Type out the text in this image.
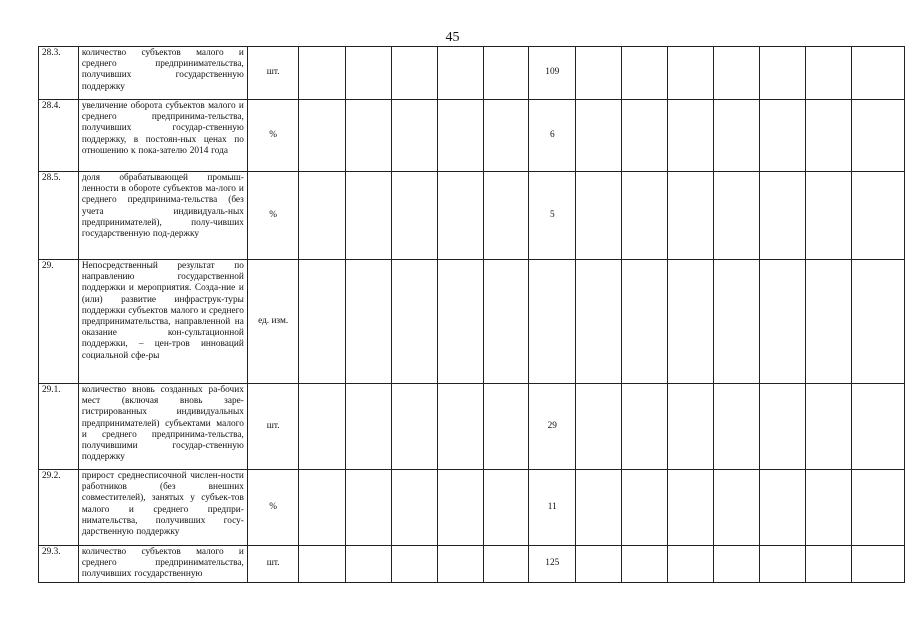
45
28.3.	количество субъектов малого и среднего предпринимательства, получивших государственную поддержку	шт.						109							
28.4.	увеличение оборота субъектов малого и среднего предпринима-тельства, получивших государ-ственную поддержку, в постоян-ных ценах по отношению к пока-зателю 2014 года	%						6							
28.5.	доля обрабатывающей промыш-ленности в обороте субъектов ма-лого и среднего предпринима-тельства (без учета индивидуаль-ных предпринимателей), полу-чивших государственную под-держку	%						5							
29.	Непосредственный результат по направлению государственной поддержки и мероприятия. Созда-ние и (или) развитие инфраструк-туры поддержки субъектов малого и среднего предпринимательства, направленной на оказание кон-сультационной поддержки, – цен-тров инноваций социальной сфе-ры	ед. изм.													
29.1.	количество вновь созданных ра-бочих мест (включая вновь заре-гистрированных индивидуальных предпринимателей) субъектами малого и среднего предпринима-тельства, получившими государ-ственную поддержку	шт.						29							
29.2.	прирост среднесписочной числен-ности работников (без внешних совместителей), занятых у субъек-тов малого и среднего предпри-нимательства, получивших госу-дарственную поддержку	%						11							
29.3.	количество субъектов малого и среднего предпринимательства, получивших государственную	шт.						125							
